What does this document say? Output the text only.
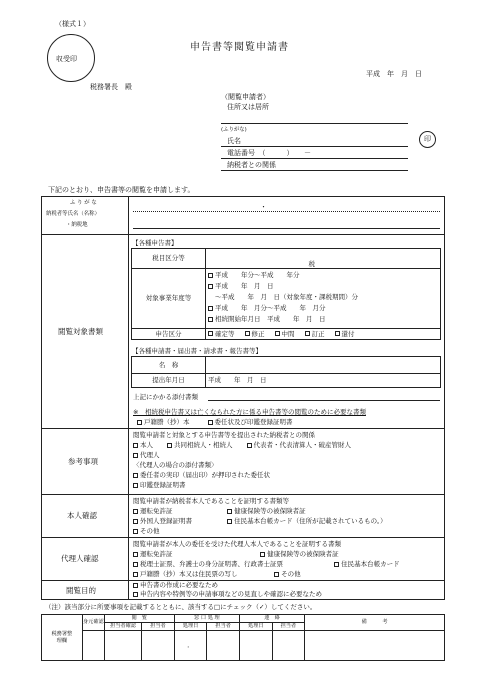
（様式１）
収受印
申告書等閲覧申請書
平成　年　月　日
税務署長　殿
（閲覧申請者）
住所又は居所
(ふりがな)
氏名	印
電話番号　（　　　）　　－
納税者との関係
下記のとおり、申告書等の閲覧を申請します。
ふ り が な
納税者等氏名（名称）
・納税地
・
閲覧対象書類
【各種申告書】
税目区分等	税
対象事業年度等	平成　　年分～平成　　年分
平成　　年　月　日
～平成　　年　月　日（対象年度・課税期間）分
平成　　年　月分～平成　　年　月分
相続開始年月日　平成　　年　月　日

申告区分	確定等 修正 中間 訂正 還付
【各種申請書・届出書・請求書・報告書等】
名　称	
提出年月日	平成　　年　月　日
上記にかかる添付書類
※　相続税申告書又は亡くなられた方に係る申告書等の閲覧のために必要な書類
戸籍謄（抄）本	委任状及び印鑑登録証明書
参考事項
閲覧申請者と対象とする申告書等を提出された納税者との関係
本人	共同相続人・相続人	代表者・代表清算人・破産管財人
代理人
〈代理人の場合の添付書類〉
委任者の実印（届出印）が押印された委任状
印鑑登録証明書
本人確認
閲覧申請者が納税者本人であることを証明する書類等
運転免許証	健康保険等の被保険者証
外国人登録証明書	住民基本台帳カード（住所が記載されているもの。）
その他
代理人確認
閲覧申請者が本人の委任を受けた代理人本人であることを証明する書類
運転免許証	健康保険等の被保険者証
税理士証票、弁護士の身分証明書、行政書士証票	住民基本台帳カード
戸籍謄（抄）本又は住民票の写し	その他
閲覧目的
申告書の作成に必要なため
申告内容や特例等の申請事項などの見直しや確認に必要なため
（注）該当部分に所要事項を記載するとともに、該当する□にチェック（✓）してください。
税務署整理欄	身元確認	閲　覧		窓 口 処 理		連　絡		備　　　考
		担当者確認	担当者	処理日	担当者	処理日	担当者	
				．				
